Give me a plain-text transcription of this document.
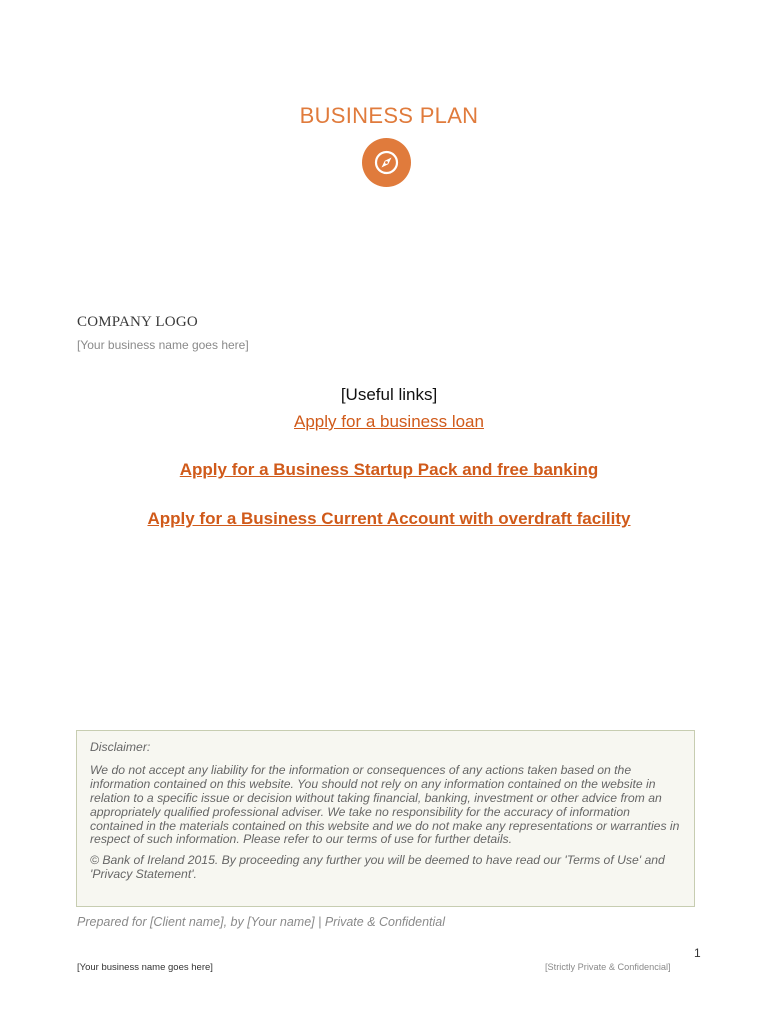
BUSINESS PLAN
COMPANY LOGO
[Your business name goes here]
[Useful links]
Apply for a business loan
Apply for a Business Startup Pack and free banking
Apply for a Business Current Account with overdraft facility

Disclaimer:

We do not accept any liability for the information or consequences of any actions taken based on the information contained on this website. You should not rely on any information contained on the website in relation to a specific issue or decision without taking financial, banking, investment or other advice from an appropriately qualified professional adviser. We take no responsibility for the accuracy of information contained in the materials contained on this website and we do not make any representations or warranties in respect of such information. Please refer to our terms of use for further details.

© Bank of Ireland 2015. By proceeding any further you will be deemed to have read our 'Terms of Use' and 'Privacy Statement'.

Prepared for [Client name], by [Your name] | Private & Confidential
1
[Your business name goes here]	[Strictly Private & Confidencial]
